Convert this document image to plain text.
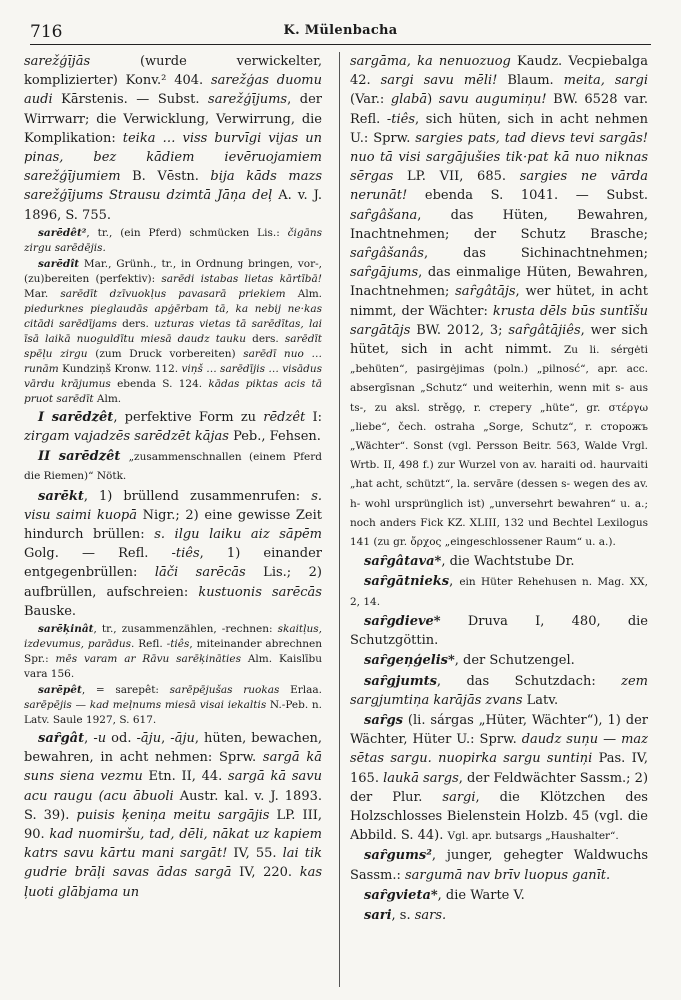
716	K. Mülenbacha

sarežģījās (wurde verwickelter, komplizierter) Konv.² 404. sarežģas duomu audi Kārstenis. — Subst. sarežģījums, der Wirrwarr; die Verwicklung, Verwirrung, die Komplikation: teika … viss burvīgi vijas un pinas, bez kādiem ievēruojamiem sarežģījumiem B. Vēstn. bija kāds mazs sarežģījums Strausu dzimtā Jāņa deļ A. v. J. 1896, S. 755.

sarēdêt², tr., (ein Pferd) schmücken Lis.: čigāns zirgu sarēdējis.

sarēdît Mar., Grünh., tr., in Ordnung bringen, vor-, (zu)bereiten (perfektiv): sarēdi istabas lietas kārtībā! Mar. sarēdīt dzīvuokļus pavasarā priekiem Alm. piedurknes pieglaudās apģērbam tā, ka nebij ne·kas citādi sarēdījams ders. uzturas vietas tā sarēdītas, lai īsā laikā nuoguldītu miesā daudz tauku ders. sarēdīt spēļu zirgu (zum Druck vorbereiten) sarēdī nuo … runām Kundziņš Kronw. 112. viņš … sarēdījis … visādus vārdu krājumus ebenda S. 124. kādas piktas acis tā pruot sarēdīt Alm.

I sarēdzêt, perfektive Form zu rēdzêt I: zirgam vajadzēs sarēdzēt kājas Peb., Fehsen.

II sarēdzêt „zusammenschnallen (einem Pferd die Riemen)“ Nötk.

sarēkt, 1) brüllend zusammenrufen: s. visu saimi kuopā Nigr.; 2) eine gewisse Zeit hindurch brüllen: s. ilgu laiku aiz sāpēm Golg. — Refl. -tiês, 1) einander entgegenbrüllen: lāči sarēcās Lis.; 2) aufbrüllen, aufschreien: kustuonis sarēcās Bauske.

sarēķinât, tr., zusammenzählen, -rechnen: skaitļus, izdevumus, parādus. Refl. -tiês, miteinander abrechnen Spr.: mēs varam ar Rāvu sarēķināties Alm. Kaislību vara 156.

sarēpêt, = sarepêt: sarēpējušas ruokas Erlaa. sarēpējis — kad meļnums miesā visai iekaltis N.-Peb. n. Latv. Saule 1927, S. 617.

saȓgât, -u od. -āju, -āju, hüten, bewachen, bewahren, in acht nehmen: Sprw. sargā kā suns siena vezmu Etn. II, 44. sargā kā savu acu raugu (acu ābuoli Austr. kal. v. J. 1893. S. 39). puisis ķeniņa meitu sargājis LP. III, 90. kad nuomiršu, tad, dēli, nākat uz kapiem katrs savu kārtu mani sargāt! IV, 55. lai tik gudrie brāļi savas ādas sargā IV, 220. kas ļuoti glābjama un

sargāma, ka nenuozuog Kaudz. Vecpiebalga 42. sargi savu mēli! Blaum. meita, sargi (Var.: glabā) savu augumiņu! BW. 6528 var. Refl. -tiês, sich hüten, sich in acht nehmen U.: Sprw. sargies pats, tad dievs tevi sargās! nuo tā visi sargājušies tik·pat kā nuo niknas sērgas LP. VII, 685. sargies ne vārda nerunāt! ebenda S. 1041. — Subst. saȓgâšana, das Hüten, Bewahren, Inachtnehmen; der Schutz Brasche; saȓgâšanâs, das Sichinachtnehmen; saȓgājums, das einmalige Hüten, Bewahren, Inachtnehmen; saȓgâtājs, wer hütet, in acht nimmt, der Wächter: krusta dēls būs suntīšu sargātājs BW. 2012, 3; saȓgâtājiês, wer sich hütet, sich in acht nimmt. Zu li. sérgėti „behüten“, pasirgėjimas (poln.) „pilnosć“, apr. acc. absergīsnan „Schutz“ und weiterhin, wenn mit s- aus ts-, zu aksl. strěgǫ, r. стерегу „hüte“, gr. στέργω „liebe“, čech. ostraha „Sorge, Schutz“, r. сторожъ „Wächter“. Sonst (vgl. Persson Beitr. 563, Walde Vrgl. Wrtb. II, 498 f.) zur Wurzel von av. haraiti od. haurvaiti „hat acht, schützt“, la. servāre (dessen s- wegen des av. h- wohl ursprünglich ist) „unversehrt bewahren“ u. a.; noch anders Fick KZ. XLIII, 132 und Bechtel Lexilogus 141 (zu gr. ὄρχος „eingeschlossener Raum“ u. a.).

saȓgâtava*, die Wachtstube Dr.

saȓgātnieks, ein Hüter Rehehusen n. Mag. XX, 2, 14.

saȓgdieve* Druva I, 480, die Schutzgöttin.

saȓgeņģelis*, der Schutzengel.

saȓgjumts, das Schutzdach: zem sargjumtiņa karājās zvans Latv.

saȓgs (li. sárgas „Hüter, Wächter“), 1) der Wächter, Hüter U.: Sprw. daudz suņu — maz sētas sargu. nuopirka sargu suntiņi Pas. IV, 165. laukā sargs, der Feldwächter Sassm.; 2) der Plur. sargi, die Klötzchen des Holzschlosses Bielenstein Holzb. 45 (vgl. die Abbild. S. 44). Vgl. apr. butsargs „Haushalter“.

saȓgums², junger, gehegter Waldwuchs Sassm.: sargumā nav brīv luopus ganīt.

saȓgvieta*, die Warte V.

sari, s. sars.
